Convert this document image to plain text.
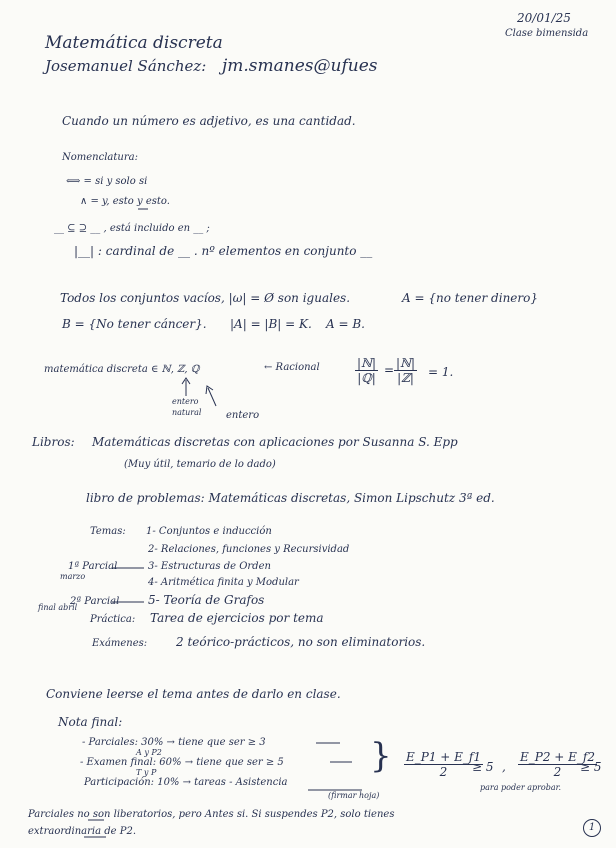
20/01/25
Clase bimensida
Matemática discreta
Josemanuel Sánchez: jm.smanes@ufues
Cuando un número es adjetivo, es una cantidad.
Nomenclatura:
⟺ = si y solo si
∧ = y, esto y esto.
__ ⊆ ⊇ __ , está incluido en __ ;
|__| : cardinal de __ . nº elementos en conjunto __
Todos los conjuntos vacíos, |ω| = Ø son iguales.	A = {no tener dinero}
B = {No tener cáncer}. |A| = |B| = K. A = B.
matemática discreta ∈ ℕ, ℤ, ℚ	← Racional
entero
natural entero
|ℕ|
|ℚ|
= |ℕ|
|ℤ| = 1.
Libros: Matemáticas discretas con aplicaciones por Susanna S. Epp
(Muy útil, temario de lo dado)
libro de problemas: Matemáticas discretas, Simon Lipschutz 3ª ed.
Temas: 1- Conjuntos e inducción
2- Relaciones, funciones y Recursividad
3- Estructuras de Orden
4- Aritmética finita y Modular
5- Teoría de Grafos
1ª Parcial
marzo
2ª Parcial
final abril
Práctica: Tarea de ejercicios por tema
Exámenes: 2 teórico-prácticos, no son eliminatorios.
Conviene leerse el tema antes de darlo en clase.
Nota final:
- Parciales: 30% → tiene que ser ≥ 3
A y P2
- Examen final: 60% → tiene que ser ≥ 5
T y P
Participación: 10% → tareas - Asistencia
(firmar hoja)
} $\frac{E\_P1 + E\_f1}{2}$
≥ 5 , $\frac{E\_P2 + E\_f2}{2}$
≥ 5
para poder aprobar.
Parciales no son liberatorios, pero Antes si. Si suspendes P2, solo tienes
extraordinaria de P2.	1
